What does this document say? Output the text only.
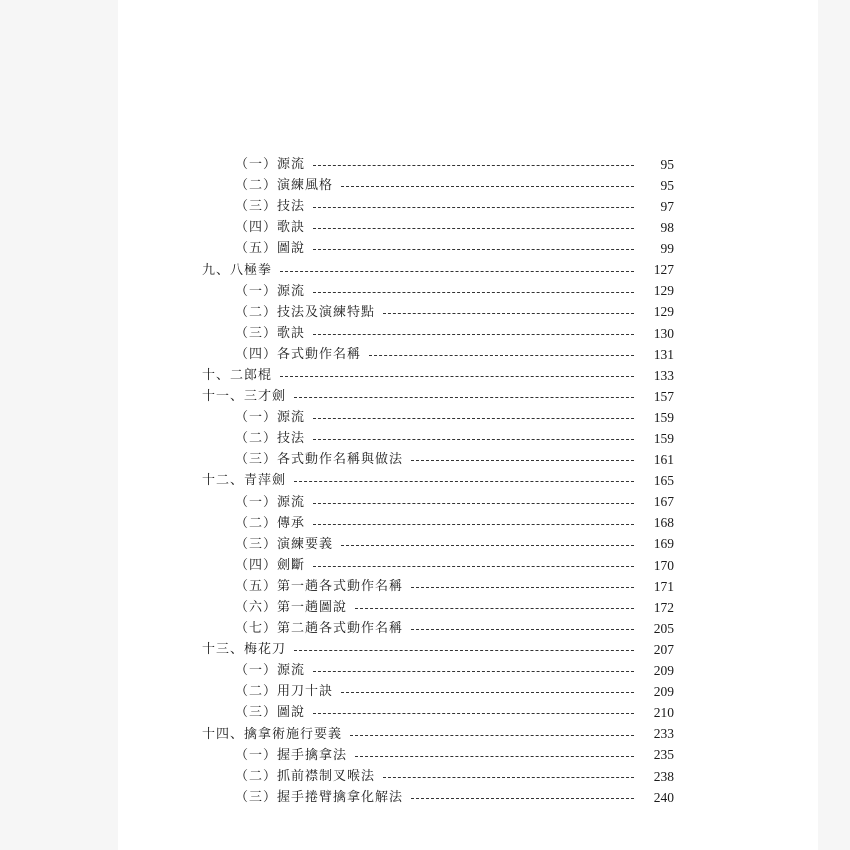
（一）源流	95
（二）演練風格	95
（三）技法	97
（四）歌訣	98
（五）圖說	99
九、八極拳	127
（一）源流	129
（二）技法及演練特點	129
（三）歌訣	130
（四）各式動作名稱	131
十、二郎棍	133
十一、三才劍	157
（一）源流	159
（二）技法	159
（三）各式動作名稱與做法	161
十二、青萍劍	165
（一）源流	167
（二）傳承	168
（三）演練要義	169
（四）劍斷	170
（五）第一趟各式動作名稱	171
（六）第一趟圖說	172
（七）第二趟各式動作名稱	205
十三、梅花刀	207
（一）源流	209
（二）用刀十訣	209
（三）圖說	210
十四、擒拿術施行要義	233
（一）握手擒拿法	235
（二）抓前襟制叉喉法	238
（三）握手捲臂擒拿化解法	240
